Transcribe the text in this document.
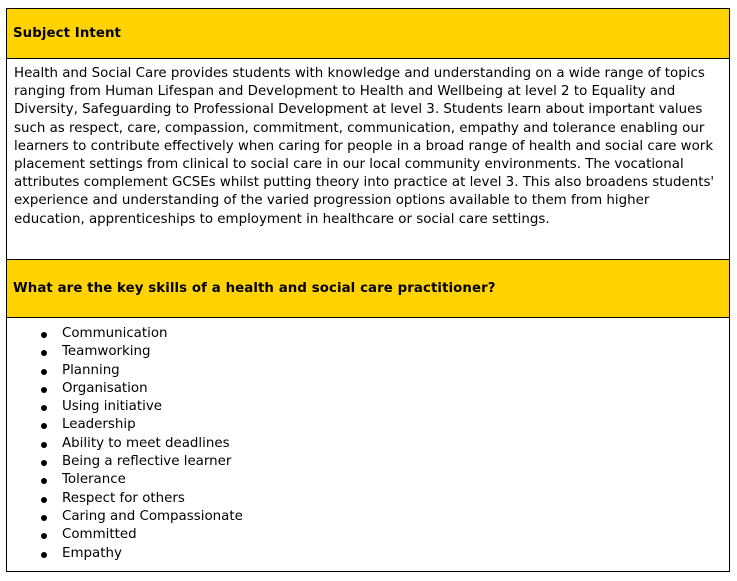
Subject Intent
Health and Social Care provides students with knowledge and understanding on a wide range of topics ranging from Human Lifespan and Development to Health and Wellbeing at level 2 to Equality and Diversity, Safeguarding to Professional Development at level 3. Students learn about important values such as respect, care, compassion, commitment, communication, empathy and tolerance enabling our learners to contribute effectively when caring for people in a broad range of health and social care work placement settings from clinical to social care in our local community environments. The vocational attributes complement GCSEs whilst putting theory into practice at level 3. This also broadens students' experience and understanding of the varied progression options available to them from higher education, apprenticeships to employment in healthcare or social care settings.
What are the key skills of a health and social care practitioner?
Communication
Teamworking
Planning
Organisation
Using initiative
Leadership
Ability to meet deadlines
Being a reflective learner
Tolerance
Respect for others
Caring and Compassionate
Committed
Empathy
